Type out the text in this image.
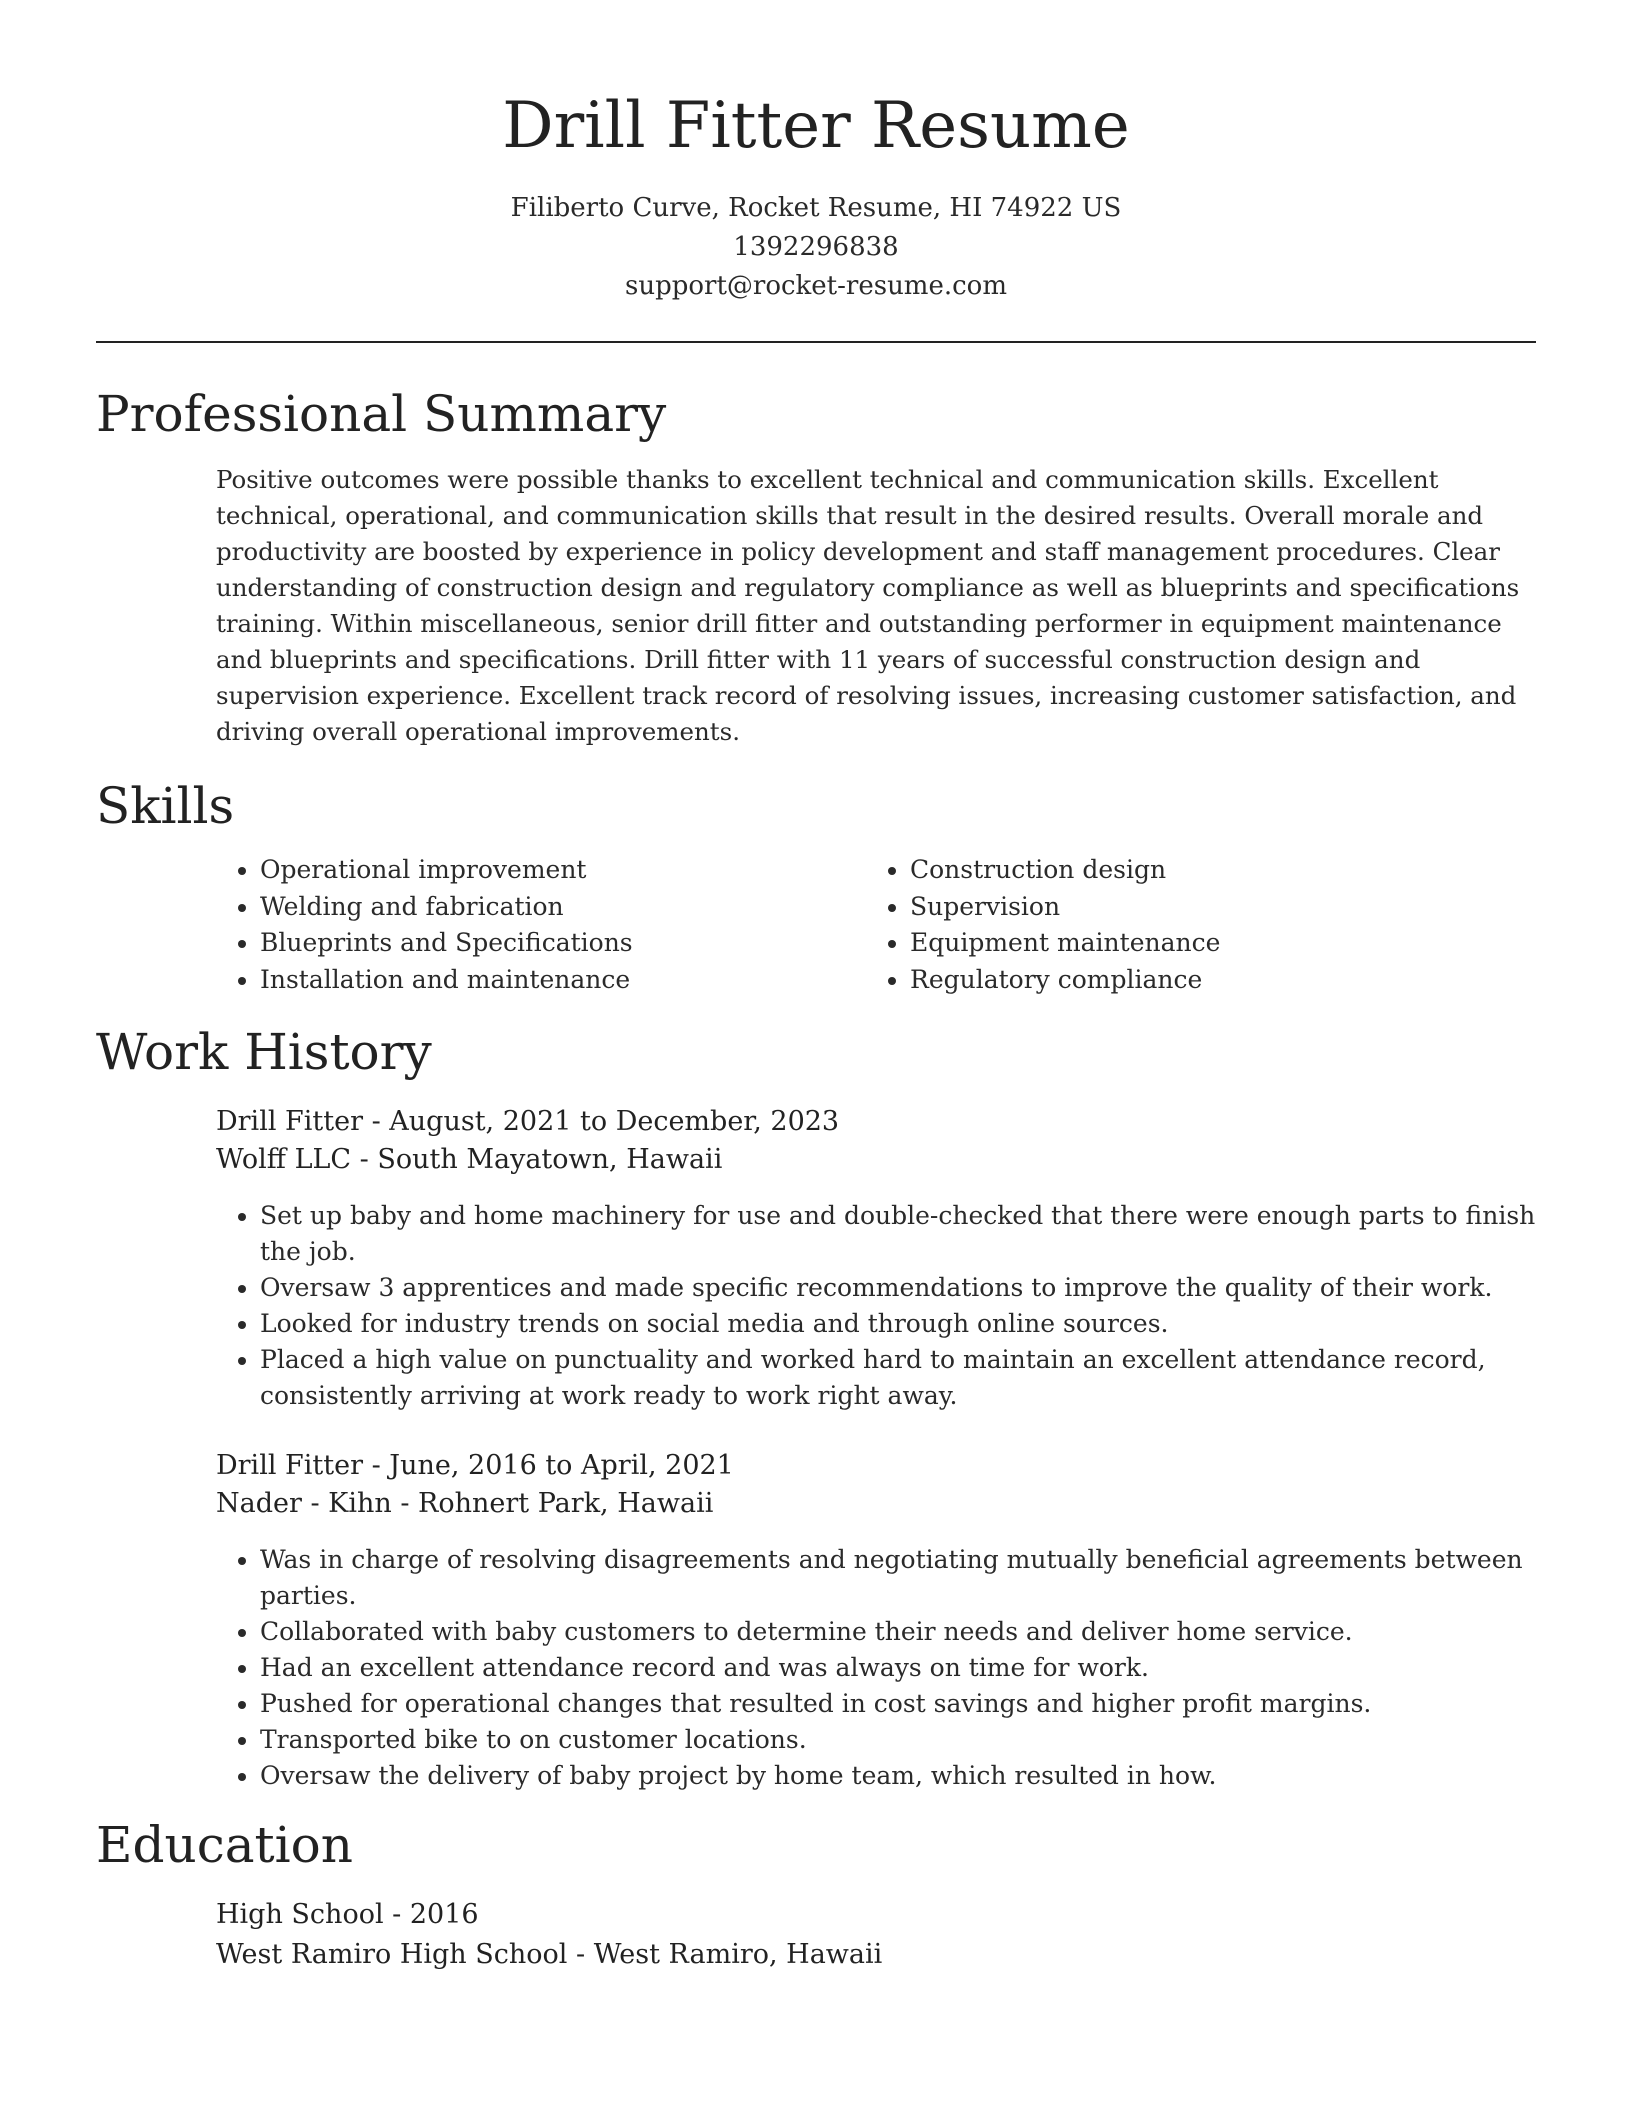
Drill Fitter Resume
Filiberto Curve, Rocket Resume, HI 74922 US
1392296838
support@rocket-resume.com
Professional Summary

Positive outcomes were possible thanks to excellent technical and communication skills. Excellent technical, operational, and communication skills that result in the desired results. Overall morale and productivity are boosted by experience in policy development and staff management procedures. Clear understanding of construction design and regulatory compliance as well as blueprints and specifications training. Within miscellaneous, senior drill fitter and outstanding performer in equipment maintenance and blueprints and specifications. Drill fitter with 11 years of successful construction design and supervision experience. Excellent track record of resolving issues, increasing customer satisfaction, and driving overall operational improvements.

Skills
• Operational improvement
• Welding and fabrication
• Blueprints and Specifications
• Installation and maintenance
• Construction design
• Supervision
• Equipment maintenance
• Regulatory compliance
Work History
Drill Fitter - August, 2021 to December, 2023
Wolff LLC - South Mayatown, Hawaii
• Set up baby and home machinery for use and double-checked that there were enough parts to finish the job.
• Oversaw 3 apprentices and made specific recommendations to improve the quality of their work.
• Looked for industry trends on social media and through online sources.
• Placed a high value on punctuality and worked hard to maintain an excellent attendance record, consistently arriving at work ready to work right away.
Drill Fitter - June, 2016 to April, 2021
Nader - Kihn - Rohnert Park, Hawaii
• Was in charge of resolving disagreements and negotiating mutually beneficial agreements between parties.
• Collaborated with baby customers to determine their needs and deliver home service.
• Had an excellent attendance record and was always on time for work.
• Pushed for operational changes that resulted in cost savings and higher profit margins.
• Transported bike to on customer locations.
• Oversaw the delivery of baby project by home team, which resulted in how.
Education
High School - 2016
West Ramiro High School - West Ramiro, Hawaii
